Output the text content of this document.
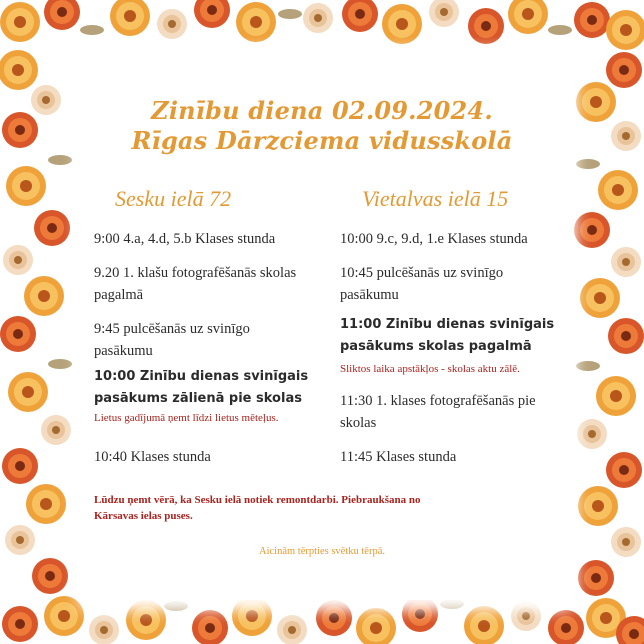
Zinību diena 02.09.2024.
Rīgas Dārzciema vidusskolā
Sesku ielā 72	Vietalvas ielā 15
9:00 4.a, 4.d, 5.b Klases stunda
9.20 1. klašu fotografēšanās skolas pagalmā
9:45 pulcēšanās uz svinīgo pasākumu
10:00 Zinību dienas svinīgais pasākums zālienā pie skolas
Lietus gadījumā ņemt līdzi lietus mēteļus.
10:40 Klases stunda
10:00 9.c, 9.d, 1.e Klases stunda
10:45 pulcēšanās uz svinīgo pasākumu
11:00 Zinību dienas svinīgais pasākums skolas pagalmā
Sliktos laika apstākļos - skolas aktu zālē.
11:30 1. klases fotografēšanās pie skolas
11:45 Klases stunda
Lūdzu ņemt vērā, ka Sesku ielā notiek remontdarbi. Piebraukšana no Kārsavas ielas puses.
Aicinām tērpties svētku tērpā.
